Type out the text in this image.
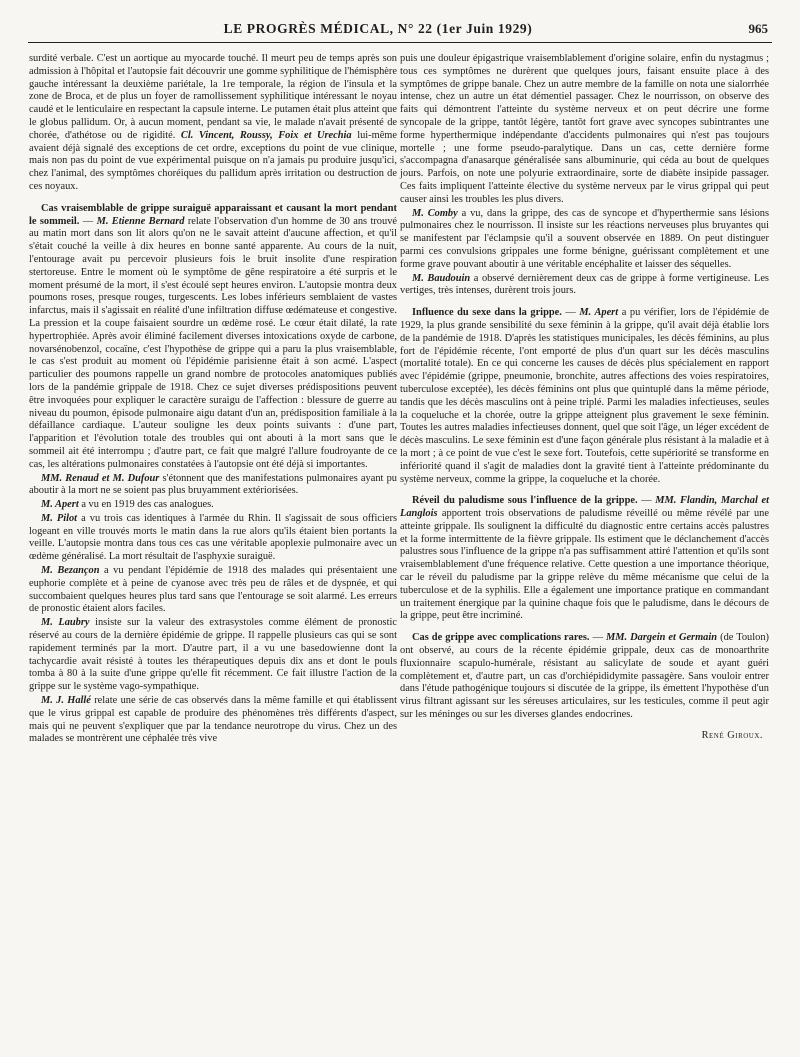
LE PROGRÈS MÉDICAL, N° 22 (1er Juin 1929)	965

surdité verbale. C'est un aortique au myocarde touché. Il meurt peu de temps après son admission à l'hôpital et l'autopsie fait découvrir une gomme syphilitique de l'hémisphère gauche intéressant la deuxième pariétale, la 1re temporale, la région de l'insula et la zone de Broca, et de plus un foyer de ramollissement syphilitique intéressant le noyau caudé et le lenticulaire en respectant la capsule interne. Le putamen était plus atteint que le globus pallidum. Or, à aucun moment, pendant sa vie, le malade n'avait présenté de chorée, d'athétose ou de rigidité. Cl. Vincent, Roussy, Foix et Urechia lui-même avaient déjà signalé des exceptions de cet ordre, exceptions du point de vue clinique, mais non pas du point de vue expérimental puisque on n'a jamais pu produire jusqu'ici, chez l'animal, des symptômes choréiques du pallidum après irritation ou destruction de ces noyaux.

Cas vraisemblable de grippe suraiguë apparaissant et causant la mort pendant le sommeil. — M. Etienne Bernard relate l'observation d'un homme de 30 ans trouvé au matin mort dans son lit alors qu'on ne le savait atteint d'aucune affection, et qu'il s'était couché la veille à dix heures en bonne santé apparente. Au cours de la nuit, l'entourage avait pu percevoir plusieurs fois le bruit insolite d'une respiration stertoreuse. Entre le moment où le symptôme de gêne respiratoire a été surpris et le moment présumé de la mort, il s'est écoulé sept heures environ. L'autopsie montra deux poumons roses, presque rouges, turgescents. Les lobes inférieurs semblaient de vastes infarctus, mais il s'agissait en réalité d'une infiltration diffuse œdémateuse et congestive. La pression et la coupe faisaient sourdre un œdème rosé. Le cœur était dilaté, la rate hypertrophiée. Après avoir éliminé facilement diverses intoxications oxyde de carbone, novarsénobenzol, cocaïne, c'est l'hypothèse de grippe qui a paru la plus vraisemblable, le cas s'est produit au moment où l'épidémie parisienne était à son acmé. L'aspect particulier des poumons rappelle un grand nombre de protocoles anatomiques publiés lors de la pandémie grippale de 1918. Chez ce sujet diverses prédispositions peuvent être invoquées pour expliquer le caractère suraigu de l'affection : blessure de guerre au niveau du poumon, épisode pulmonaire aigu datant d'un an, prédisposition familiale à la défaillance cardiaque. L'auteur souligne les deux points suivants : d'une part, l'apparition et l'évolution totale des troubles qui ont abouti à la mort sans que le sommeil ait été interrompu ; d'autre part, ce fait que malgré l'allure foudroyante de ce cas, les altérations pulmonaires constatées à l'autopsie ont été déjà si importantes.

MM. Renaud et M. Dufour s'étonnent que des manifestations pulmonaires ayant pu aboutir à la mort ne se soient pas plus bruyamment extériorisées.

M. Apert a vu en 1919 des cas analogues.

M. Pilot a vu trois cas identiques à l'armée du Rhin. Il s'agissait de sous officiers logeant en ville trouvés morts le matin dans la rue alors qu'ils étaient bien portants la veille. L'autopsie montra dans tous ces cas une véritable apoplexie pulmonaire avec un œdème généralisé. La mort résultait de l'asphyxie suraiguë.

M. Bezançon a vu pendant l'épidémie de 1918 des malades qui présentaient une euphorie complète et à peine de cyanose avec très peu de râles et de dyspnée, et qui succombaient quelques heures plus tard sans que l'entourage se soit alarmé. Les erreurs de pronostic étaient alors faciles.

M. Laubry insiste sur la valeur des extrasystoles comme élément de pronostic réservé au cours de la dernière épidémie de grippe. Il rappelle plusieurs cas qui se sont rapidement terminés par la mort. D'autre part, il a vu une basedowienne dont la tachycardie avait résisté à toutes les thérapeutiques depuis dix ans et dont le pouls tomba à 80 à la suite d'une grippe qu'elle fit récemment. Ce fait illustre l'action de la grippe sur le système vago-sympathique.

M. J. Hallé relate une série de cas observés dans la même famille et qui établissent que le virus grippal est capable de produire des phénomènes très différents d'aspect, mais qui ne peuvent s'expliquer que par la tendance neurotrope du virus. Chez un des malades se montrèrent une céphalée très vive

puis une douleur épigastrique vraisemblablement d'origine solaire, enfin du nystagmus ; tous ces symptômes ne durèrent que quelques jours, faisant ensuite place à des symptômes de grippe banale. Chez un autre membre de la famille on nota une sialorrhée intense, chez un autre un état démentiel passager. Chez le nourrisson, on observe des faits qui démontrent l'atteinte du système nerveux et on peut décrire une forme syncopale de la grippe, tantôt légère, tantôt fort grave avec syncopes subintrantes une forme hyperthermique indépendante d'accidents pulmonaires qui n'est pas toujours mortelle ; une forme pseudo-paralytique. Dans un cas, cette dernière forme s'accompagna d'anasarque généralisée sans albuminurie, qui céda au bout de quelques jours. Parfois, on note une polyurie extraordinaire, sorte de diabète insipide passager. Ces faits impliquent l'atteinte élective du système nerveux par le virus grippal qui peut causer ainsi les troubles les plus divers.

M. Comby a vu, dans la grippe, des cas de syncope et d'hyperthermie sans lésions pulmonaires chez le nourrisson. Il insiste sur les réactions nerveuses plus bruyantes qui se manifestent par l'éclampsie qu'il a souvent observée en 1889. On peut distinguer parmi ces convulsions grippales une forme bénigne, guérissant complètement et une forme grave pouvant aboutir à une véritable encéphalite et laisser des séquelles.

M. Baudouin a observé dernièrement deux cas de grippe à forme vertigineuse. Les vertiges, très intenses, durèrent trois jours.

Influence du sexe dans la grippe. — M. Apert a pu vérifier, lors de l'épidémie de 1929, la plus grande sensibilité du sexe féminin à la grippe, qu'il avait déjà établie lors de la pandémie de 1918. D'après les statistiques municipales, les décès féminins, au plus fort de l'épidémie récente, l'ont emporté de plus d'un quart sur les décès masculins (mortalité totale). En ce qui concerne les causes de décès plus spécialement en rapport avec l'épidémie (grippe, pneumonie, bronchite, autres affections des voies respiratoires, tuberculose exceptée), les décès féminins ont plus que quintuplé dans la même période, tandis que les décès masculins ont à peine triplé. Parmi les maladies infectieuses, seules la coqueluche et la chorée, outre la grippe atteignent plus gravement le sexe féminin. Toutes les autres maladies infectieuses donnent, quel que soit l'âge, un léger excédent de décès masculins. Le sexe féminin est d'une façon générale plus résistant à la maladie et à la mort ; à ce point de vue c'est le sexe fort. Toutefois, cette supériorité se transforme en infériorité quand il s'agit de maladies dont la gravité tient à l'atteinte prédominante du système nerveux, comme la grippe, la coqueluche et la chorée.

Réveil du paludisme sous l'influence de la grippe. — MM. Flandin, Marchal et Langlois apportent trois observations de paludisme réveillé ou même révélé par une atteinte grippale. Ils soulignent la difficulté du diagnostic entre certains accès palustres et la forme intermittente de la fièvre grippale. Ils estiment que le déclanchement d'accès palustres sous l'influence de la grippe n'a pas suffisamment attiré l'attention et qu'ils sont vraisemblablement d'une fréquence relative. Cette question a une importance théorique, car le réveil du paludisme par la grippe relève du même mécanisme que celui de la tuberculose et de la syphilis. Elle a également une importance pratique en commandant un traitement énergique par la quinine chaque fois que le paludisme, dans le décours de la grippe, peut être incriminé.

Cas de grippe avec complications rares. — MM. Dargein et Germain (de Toulon) ont observé, au cours de la récente épidémie grippale, deux cas de monoarthrite fluxionnaire scapulo-humérale, résistant au salicylate de soude et ayant guéri complètement et, d'autre part, un cas d'orchiépididymite passagère. Sans vouloir entrer dans l'étude pathogénique toujours si discutée de la grippe, ils émettent l'hypothèse d'un virus filtrant agissant sur les séreuses articulaires, sur les testicules, comme il peut agir sur les méninges ou sur les diverses glandes endocrines.

René Giroux.
